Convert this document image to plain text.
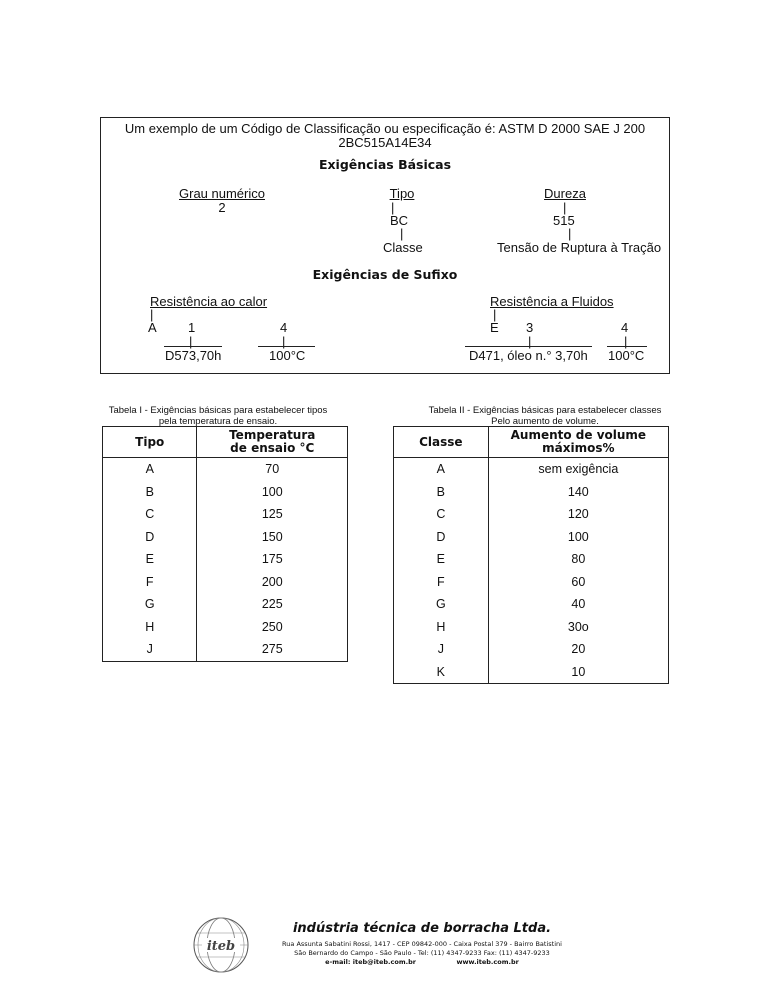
Um exemplo de um Código de Classificação ou especificação é: ASTM D 2000 SAE J 200
2BC515A14E34
Exigências Básicas
Grau numérico
2
Tipo
|
BC
|
Classe
Dureza
|
515
|
Tensão de Ruptura à Tração
Exigências de Sufixo
Resistência ao calor
|
A 1	4
|	|
D573,70h	100°C
Resistência a Fluidos
|
E 3	4
|	|
D471, óleo n.° 3,70h 100°C
Tabela I - Exigências básicas para estabelecer tipos
pela temperatura de ensaio.
Tipo	Temperatura
de ensaio °C

A	70
B	100
C	125
D	150
E	175
F	200
G	225
H	250
J	275
Tabela II - Exigências básicas para estabelecer classes
Pelo aumento de volume.
Classe	Aumento de volume
máximos%

A	sem exigência
B	140
C	120
D	100
E	80
F	60
G	40
H	30o
J	20
K	10
iteb
indústria técnica de borracha Ltda.
Rua Assunta Sabatini Rossi, 1417 - CEP 09842-000 - Caixa Postal 379 - Bairro Batistini
São Bernardo do Campo - São Paulo - Tel: (11) 4347-9233 Fax: (11) 4347-9233
e-mail: iteb@iteb.com.br	www.iteb.com.br
